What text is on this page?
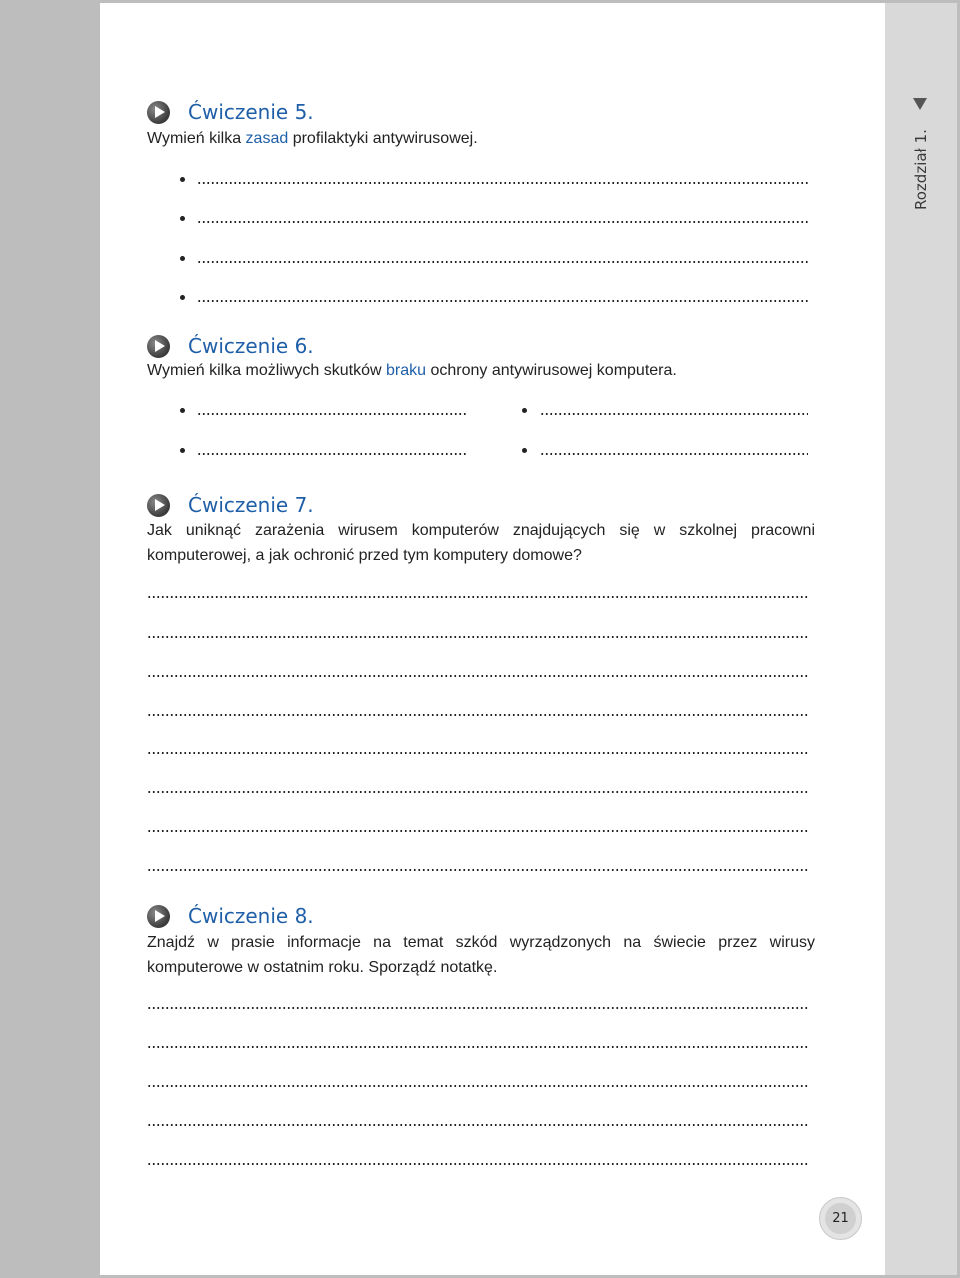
Rozdział 1.
Ćwiczenie 5.
Wymień kilka zasad profilaktyki antywirusowej.
Ćwiczenie 6.
Wymień kilka możliwych skutków braku ochrony antywirusowej komputera.
Ćwiczenie 7.
Jak uniknąć zarażenia wirusem komputerów znajdujących się w szkolnej pracowni komputerowej, a jak ochronić przed tym komputery domowe?
Ćwiczenie 8.
Znajdź w prasie informacje na temat szkód wyrządzonych na świecie przez wirusy komputerowe w ostatnim roku. Sporządź notatkę.
21
